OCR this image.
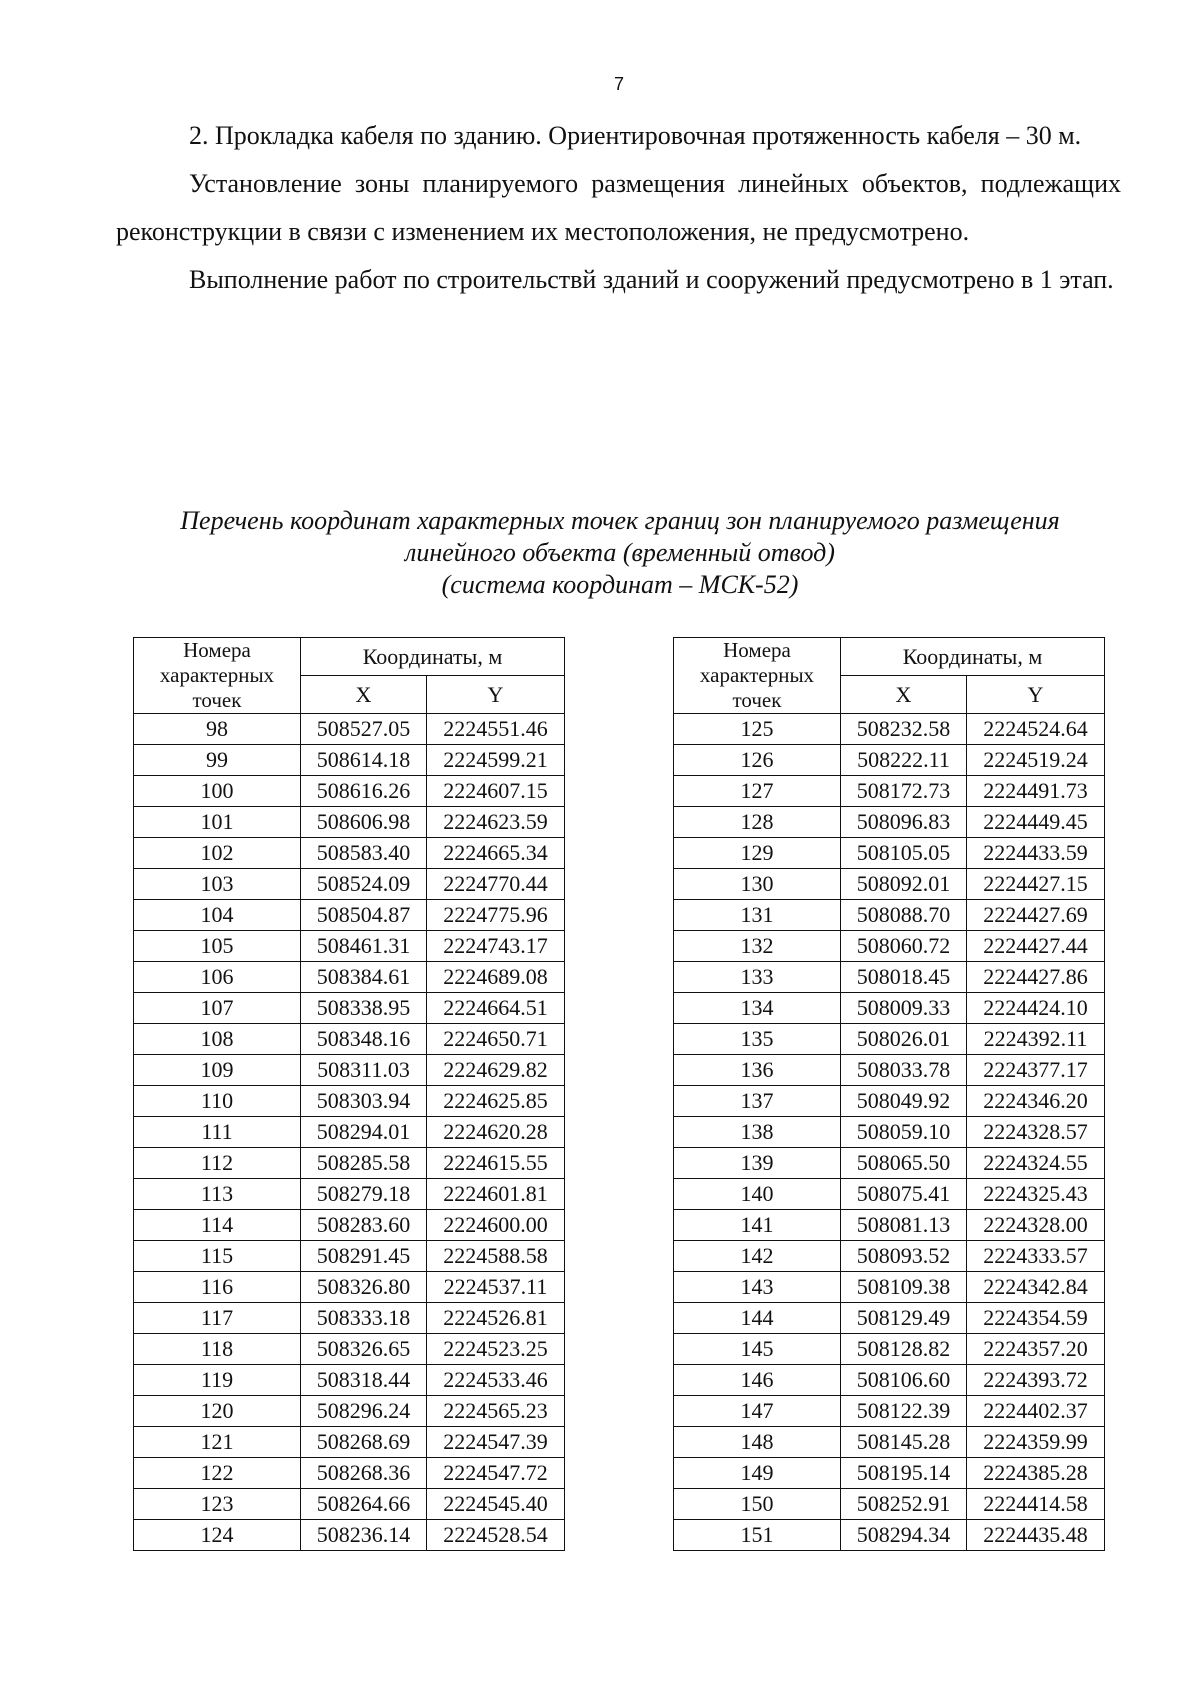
7

2. Прокладка кабеля по зданию. Ориентировочная протяженность кабеля – 30 м.

Установление зоны планируемого размещения линейных объектов, подлежащих реконструкции в связи с изменением их местоположения, не предусмотрено.

Выполнение работ по строительствй зданий и сооружений предусмотрено в 1 этап.

Перечень координат характерных точек границ зон планируемого размещения
линейного объекта (временный отвод)
(система координат – МСК-52)
Номера характерных точек	Координаты, м	
	X	Y
98	508527.05	2224551.46
99	508614.18	2224599.21
100	508616.26	2224607.15
101	508606.98	2224623.59
102	508583.40	2224665.34
103	508524.09	2224770.44
104	508504.87	2224775.96
105	508461.31	2224743.17
106	508384.61	2224689.08
107	508338.95	2224664.51
108	508348.16	2224650.71
109	508311.03	2224629.82
110	508303.94	2224625.85
111	508294.01	2224620.28
112	508285.58	2224615.55
113	508279.18	2224601.81
114	508283.60	2224600.00
115	508291.45	2224588.58
116	508326.80	2224537.11
117	508333.18	2224526.81
118	508326.65	2224523.25
119	508318.44	2224533.46
120	508296.24	2224565.23
121	508268.69	2224547.39
122	508268.36	2224547.72
123	508264.66	2224545.40
124	508236.14	2224528.54
Номера характерных точек	Координаты, м	
	X	Y
125	508232.58	2224524.64
126	508222.11	2224519.24
127	508172.73	2224491.73
128	508096.83	2224449.45
129	508105.05	2224433.59
130	508092.01	2224427.15
131	508088.70	2224427.69
132	508060.72	2224427.44
133	508018.45	2224427.86
134	508009.33	2224424.10
135	508026.01	2224392.11
136	508033.78	2224377.17
137	508049.92	2224346.20
138	508059.10	2224328.57
139	508065.50	2224324.55
140	508075.41	2224325.43
141	508081.13	2224328.00
142	508093.52	2224333.57
143	508109.38	2224342.84
144	508129.49	2224354.59
145	508128.82	2224357.20
146	508106.60	2224393.72
147	508122.39	2224402.37
148	508145.28	2224359.99
149	508195.14	2224385.28
150	508252.91	2224414.58
151	508294.34	2224435.48
